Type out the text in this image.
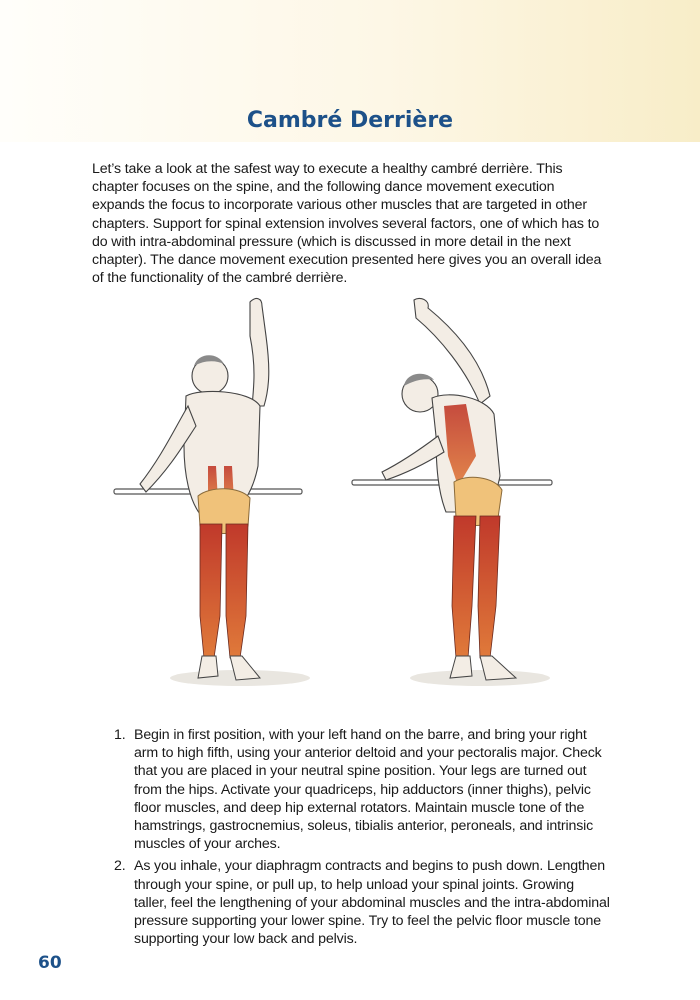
Cambré Derrière

Let’s take a look at the safest way to execute a healthy cambré derrière. This chapter focuses on the spine, and the following dance movement execution expands the focus to incorporate various other muscles that are targeted in other chapters. Support for spinal extension involves several factors, one of which has to do with intra-abdominal pressure (which is discussed in more detail in the next chapter). The dance movement execution presented here gives you an overall idea of the functionality of the cambré derrière.

1. Begin in first position, with your left hand on the barre, and bring your right arm to high fifth, using your anterior deltoid and your pectoralis major. Check that you are placed in your neutral spine position. Your legs are turned out from the hips. Activate your quadriceps, hip adductors (inner thighs), pelvic floor muscles, and deep hip external rotators. Maintain muscle tone of the hamstrings, gastrocnemius, soleus, tibialis anterior, peroneals, and intrinsic muscles of your arches.
2. As you inhale, your diaphragm contracts and begins to push down. Lengthen through your spine, or pull up, to help unload your spinal joints. Growing taller, feel the lengthening of your abdominal muscles and the intra-abdominal pressure supporting your lower spine. Try to feel the pelvic floor muscle tone supporting your low back and pelvis.
60
